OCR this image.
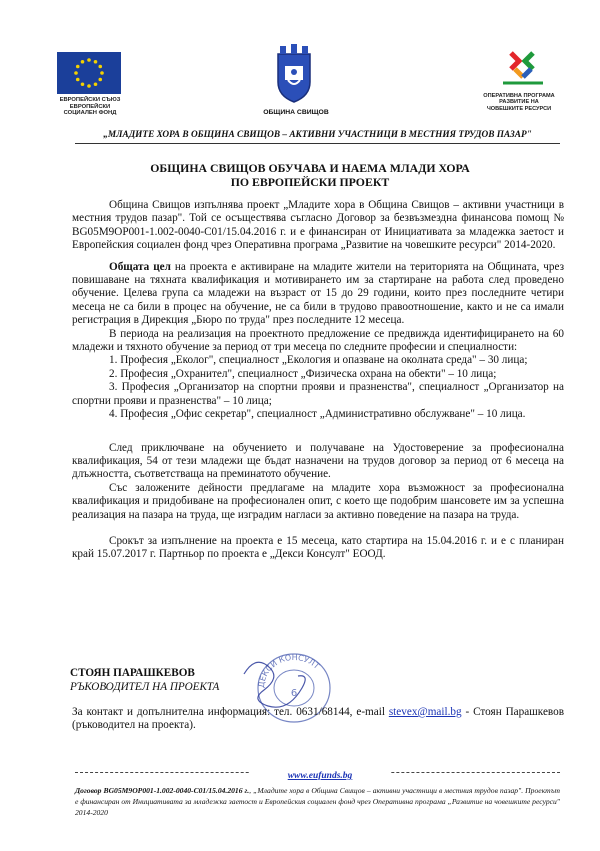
ЕВРОПЕЙСКИ СЪЮЗ
ЕВРОПЕЙСКИ
СОЦИАЛЕН ФОНД	ОБЩИНА СВИЩОВ
ОПЕРАТИВНА ПРОГРАМА
РАЗВИТИЕ НА
ЧОВЕШКИТЕ РЕСУРСИ
„МЛАДИТЕ ХОРА В ОБЩИНА СВИЩОВ – АКТИВНИ УЧАСТНИЦИ В МЕСТНИЯ ТРУДОВ ПАЗАР"
ОБЩИНА СВИЩОВ ОБУЧАВА И НАЕМА МЛАДИ ХОРА
ПО ЕВРОПЕЙСКИ ПРОЕКТ

Община Свищов изпълнява проект „Младите хора в Община Свищов – активни участници в местния трудов пазар". Той се осъществява съгласно Договор за безвъзмездна финансова помощ № BG05M9OP001-1.002-0040-C01/15.04.2016 г. и е финансиран от Инициативата за младежка заетост и Европейския социален фонд чрез Оперативна програма „Развитие на човешките ресурси" 2014-2020.

Общата цел на проекта е активиране на младите жители на територията на Общината, чрез повишаване на тяхната квалификация и мотивирането им за стартиране на работа след проведено обучение. Целева група са младежи на възраст от 15 до 29 години, които през последните четири месеца не са били в процес на обучение, не са били в трудово правоотношение, както и не са имали регистрация в Дирекция „Бюро по труда" през последните 12 месеца.

В периода на реализация на проектното предложение се предвижда идентифицирането на 60 младежи и тяхното обучение за период от три месеца по следните професии и специалности:

1. Професия „Еколог", специалност „Екология и опазване на околната среда" – 30 лица;

2. Професия „Охранител", специалност „Физическа охрана на обекти" – 10 лица;

3. Професия „Организатор на спортни прояви и празненства", специалност „Организатор на спортни прояви и празненства" – 10 лица;

4. Професия „Офис секретар", специалност „Административно обслужване" – 10 лица.

След приключване на обучението и получаване на Удостоверение за професионална квалификация, 54 от тези младежи ще бъдат назначени на трудов договор за период от 6 месеца на длъжността, съответстваща на преминатото обучение.

Със заложените дейности предлагаме на младите хора възможност за професионална квалификация и придобиване на професионален опит, с което ще подобрим шансовете им за успешна реализация на пазара на труда, ще изградим нагласи за активно поведение на пазара на труда.

Срокът за изпълнение на проекта е 15 месеца, като стартира на 15.04.2016 г. и е с планиран край 15.07.2017 г. Партньор по проекта е „Декси Консулт" ЕООД.

СТОЯН ПАРАШКЕВОВ
РЪКОВОДИТЕЛ НА ПРОЕКТА	ДЕКСИ КОНСУЛТ
6
За контакт и допълнителна информация: тел. 0631/68144, e-mail stevex@mail.bg - Стоян Парашкевов (ръководител на проекта).
www.eufunds.bg
Договор BG05M9OP001-1.002-0040-C01/15.04.2016 г., „Младите хора в Община Свищов – активни участници в местния трудов пазар". Проектът е финансиран от Инициативата за младежка заетост и Европейския социален фонд чрез Оперативна програма „Развитие на човешките ресурси" 2014-2020
